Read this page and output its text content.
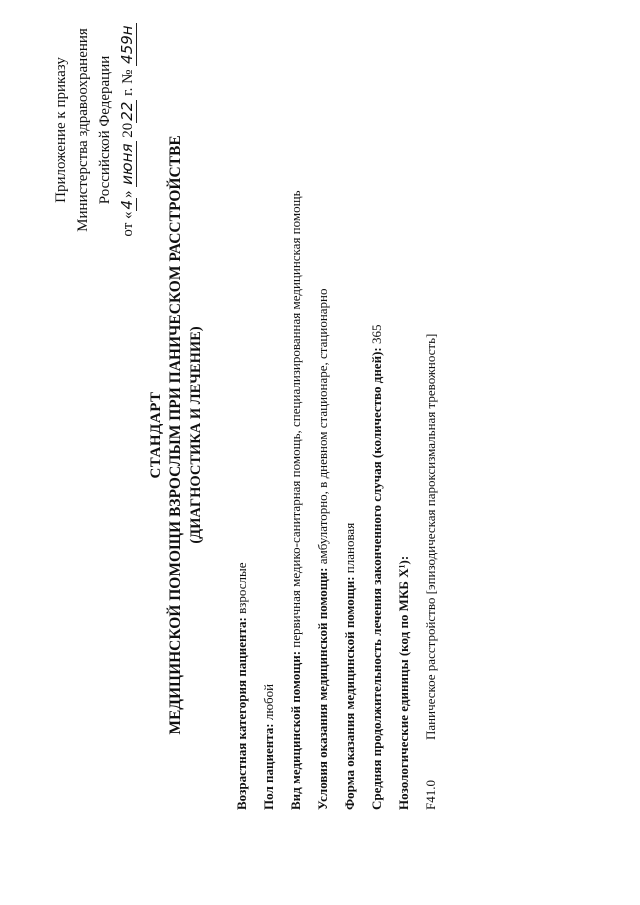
Приложение к приказу Министерства здравоохранения Российской Федерации
от «4» июня 2022 г. № 459н
СТАНДАРТ МЕДИЦИНСКОЙ ПОМОЩИ ВЗРОСЛЫМ ПРИ ПАНИЧЕСКОМ РАССТРОЙСТВЕ (ДИАГНОСТИКА И ЛЕЧЕНИЕ)
Возрастная категория пациента: взрослые
Пол пациента: любой Вид медицинской помощи: первичная медико-санитарная помощь, специализированная медицинская помощь
Условия оказания медицинской помощи: амбулаторно, в дневном стационаре, стационарно
Форма оказания медицинской помощи: плановая Средняя продолжительность лечения законченного случая (количество дней): 365
Нозологические единицы (код по МКБ Х¹): F41.0
Паническое расстройство [эпизодическая пароксизмальная тревожность]
